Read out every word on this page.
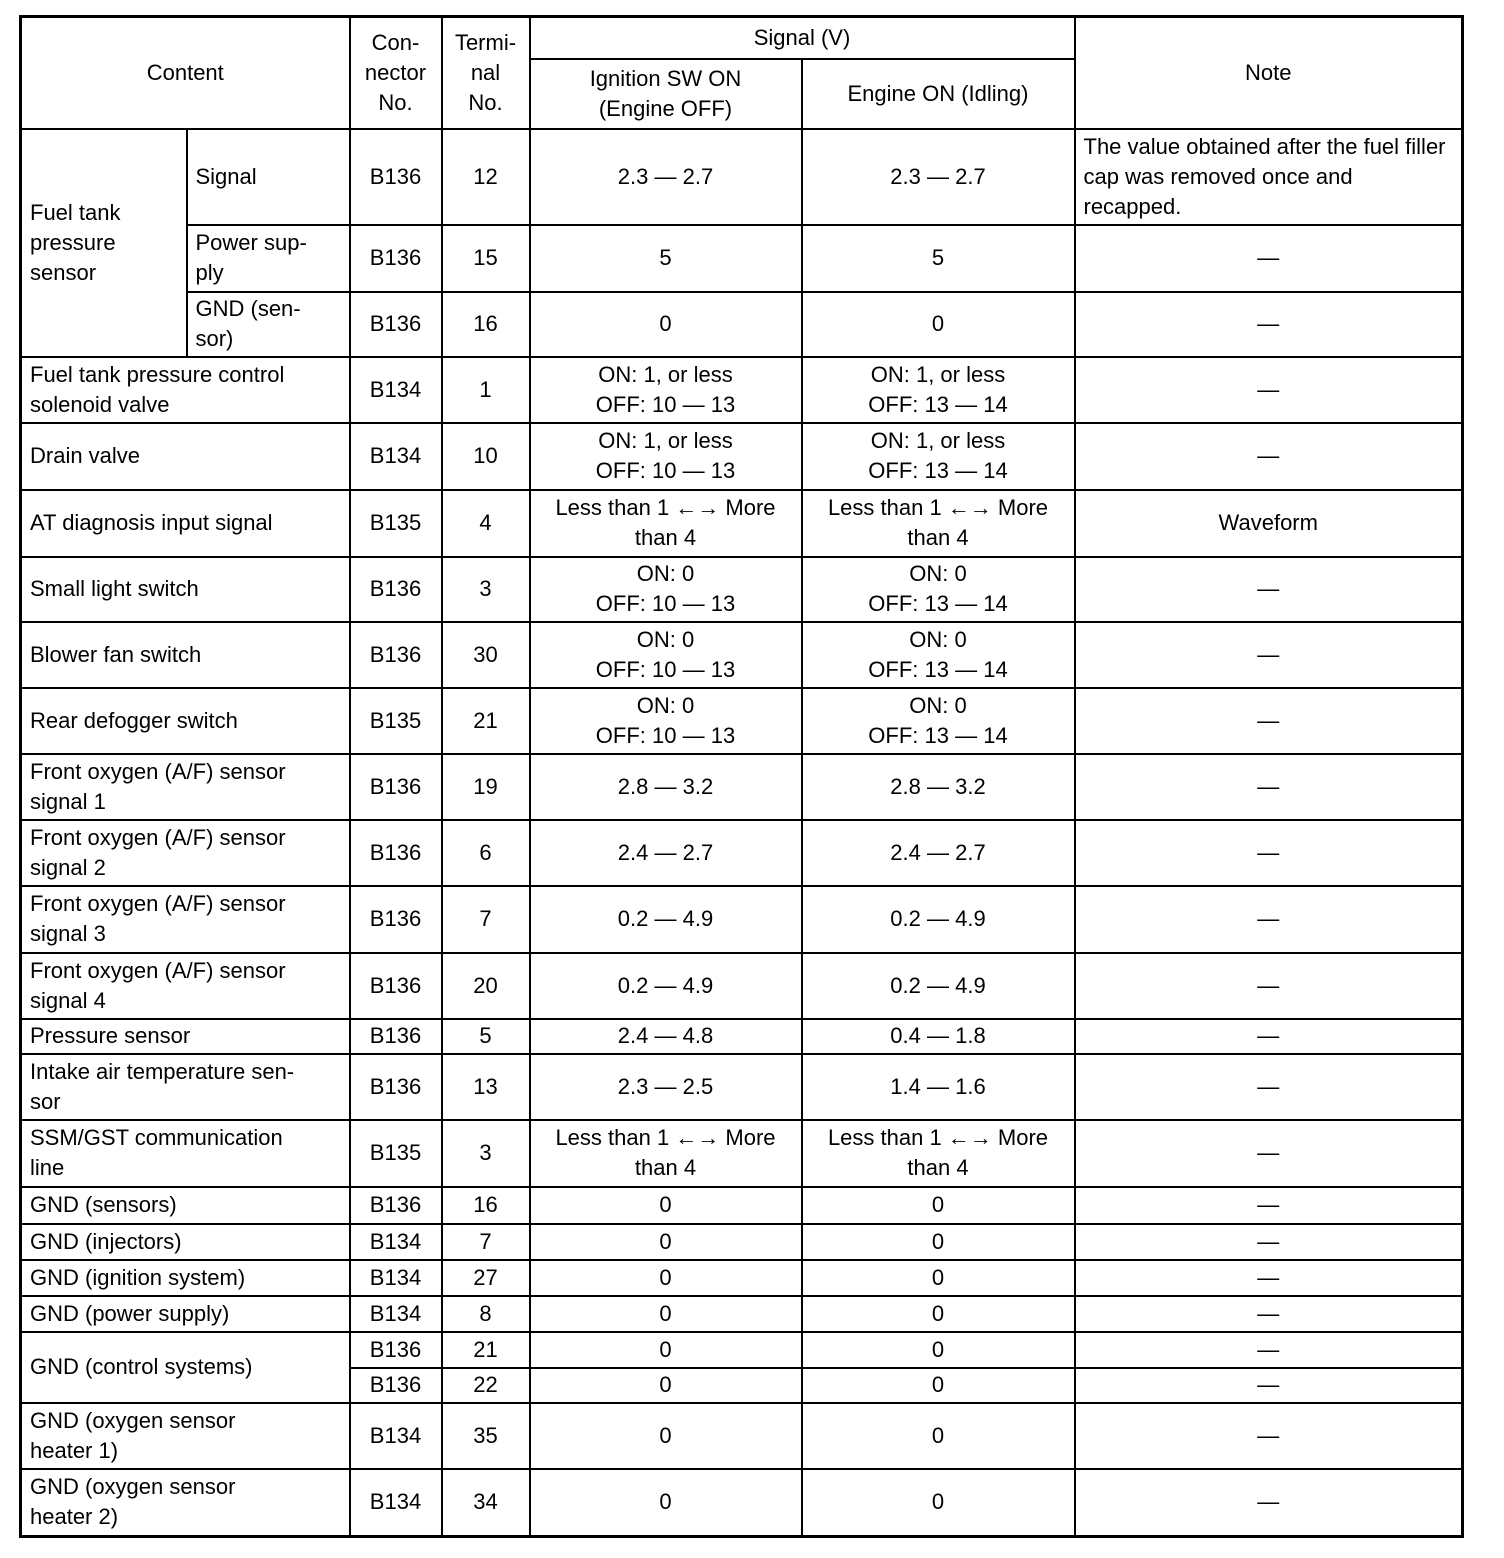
Content		Con-
nector
No.	Termi-
nal
No.	Signal (V)		Note
				Ignition SW ON
(Engine OFF)	Engine ON (Idling)	
Fuel tank
pressure
sensor	Signal	B136	12	2.3 — 2.7	2.3 — 2.7	The value obtained after the fuel filler cap was removed once and recapped.
	Power sup-
ply	B136	15	5	5	—
	GND (sen-
sor)	B136	16	0	0	—
Fuel tank pressure control
solenoid valve		B134	1	ON: 1, or less
OFF: 10 — 13	ON: 1, or less
OFF: 13 — 14	—
Drain valve		B134	10	ON: 1, or less
OFF: 10 — 13	ON: 1, or less
OFF: 13 — 14	—
AT diagnosis input signal		B135	4	Less than 1 ←→ More
than 4	Less than 1 ←→ More
than 4	Waveform
Small light switch		B136	3	ON: 0
OFF: 10 — 13	ON: 0
OFF: 13 — 14	—
Blower fan switch		B136	30	ON: 0
OFF: 10 — 13	ON: 0
OFF: 13 — 14	—
Rear defogger switch		B135	21	ON: 0
OFF: 10 — 13	ON: 0
OFF: 13 — 14	—
Front oxygen (A/F) sensor
signal 1		B136	19	2.8 — 3.2	2.8 — 3.2	—
Front oxygen (A/F) sensor
signal 2		B136	6	2.4 — 2.7	2.4 — 2.7	—
Front oxygen (A/F) sensor
signal 3		B136	7	0.2 — 4.9	0.2 — 4.9	—
Front oxygen (A/F) sensor
signal 4		B136	20	0.2 — 4.9	0.2 — 4.9	—
Pressure sensor		B136	5	2.4 — 4.8	0.4 — 1.8	—
Intake air temperature sen-
sor		B136	13	2.3 — 2.5	1.4 — 1.6	—
SSM/GST communication
line		B135	3	Less than 1 ←→ More
than 4	Less than 1 ←→ More
than 4	—
GND (sensors)		B136	16	0	0	—
GND (injectors)		B134	7	0	0	—
GND (ignition system)		B134	27	0	0	—
GND (power supply)		B134	8	0	0	—
GND (control systems)		B136	21	0	0	—
		B136	22	0	0	—
GND (oxygen sensor
heater 1)		B134	35	0	0	—
GND (oxygen sensor
heater 2)		B134	34	0	0	—
